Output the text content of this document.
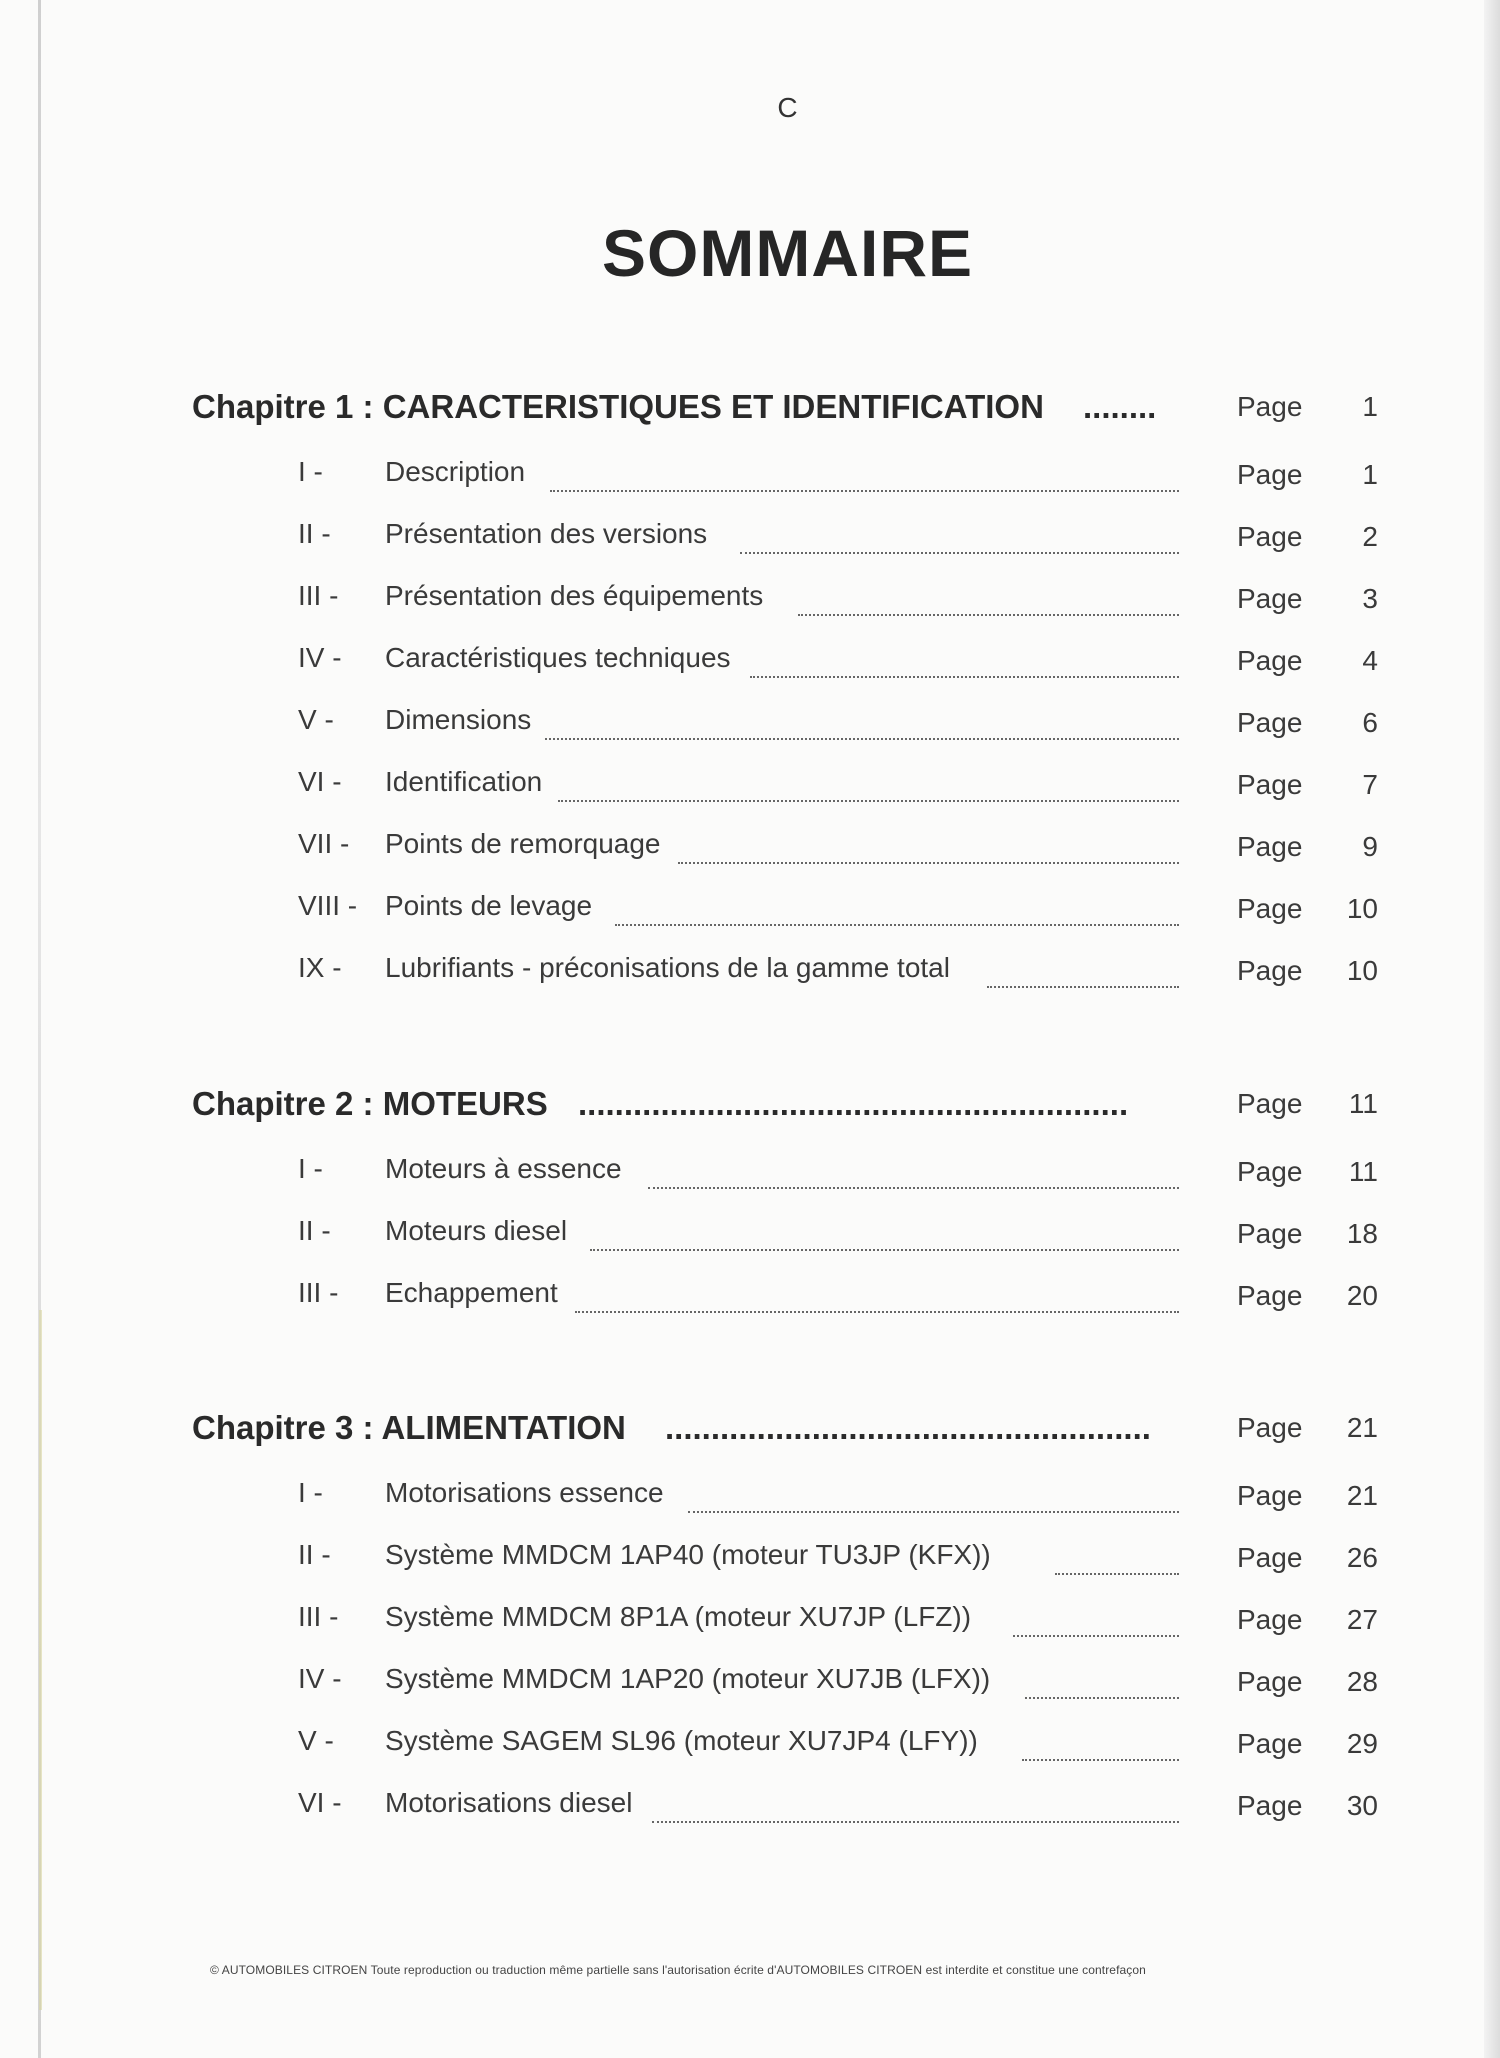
C
SOMMAIRE
Chapitre 1 : CARACTERISTIQUES ET IDENTIFICATION ........	Page 1
I - Description	Page 1
II - Présentation des versions	Page 2
III - Présentation des équipements	Page 3
IV - Caractéristiques techniques	Page 4
V - Dimensions	Page 6
VI - Identification	Page 7
VII - Points de remorquage	Page 9
VIII - Points de levage	Page 10
IX - Lubrifiants - préconisations de la gamme total	Page 10
Chapitre 2 : MOTEURS ............................................................	Page 11
I - Moteurs à essence	Page 11
II - Moteurs diesel	Page 18
III - Echappement	Page 20
Chapitre 3 : ALIMENTATION .....................................................	Page 21
I - Motorisations essence	Page 21
II - Système MMDCM 1AP40 (moteur TU3JP (KFX))	Page 26
III - Système MMDCM 8P1A (moteur XU7JP (LFZ))	Page 27
IV - Système MMDCM 1AP20 (moteur XU7JB (LFX))	Page 28
V - Système SAGEM SL96 (moteur XU7JP4 (LFY))	Page 29
VI - Motorisations diesel	Page 30
© AUTOMOBILES CITROEN Toute reproduction ou traduction même partielle sans l'autorisation écrite d'AUTOMOBILES CITROEN est interdite et constitue une contrefaçon
